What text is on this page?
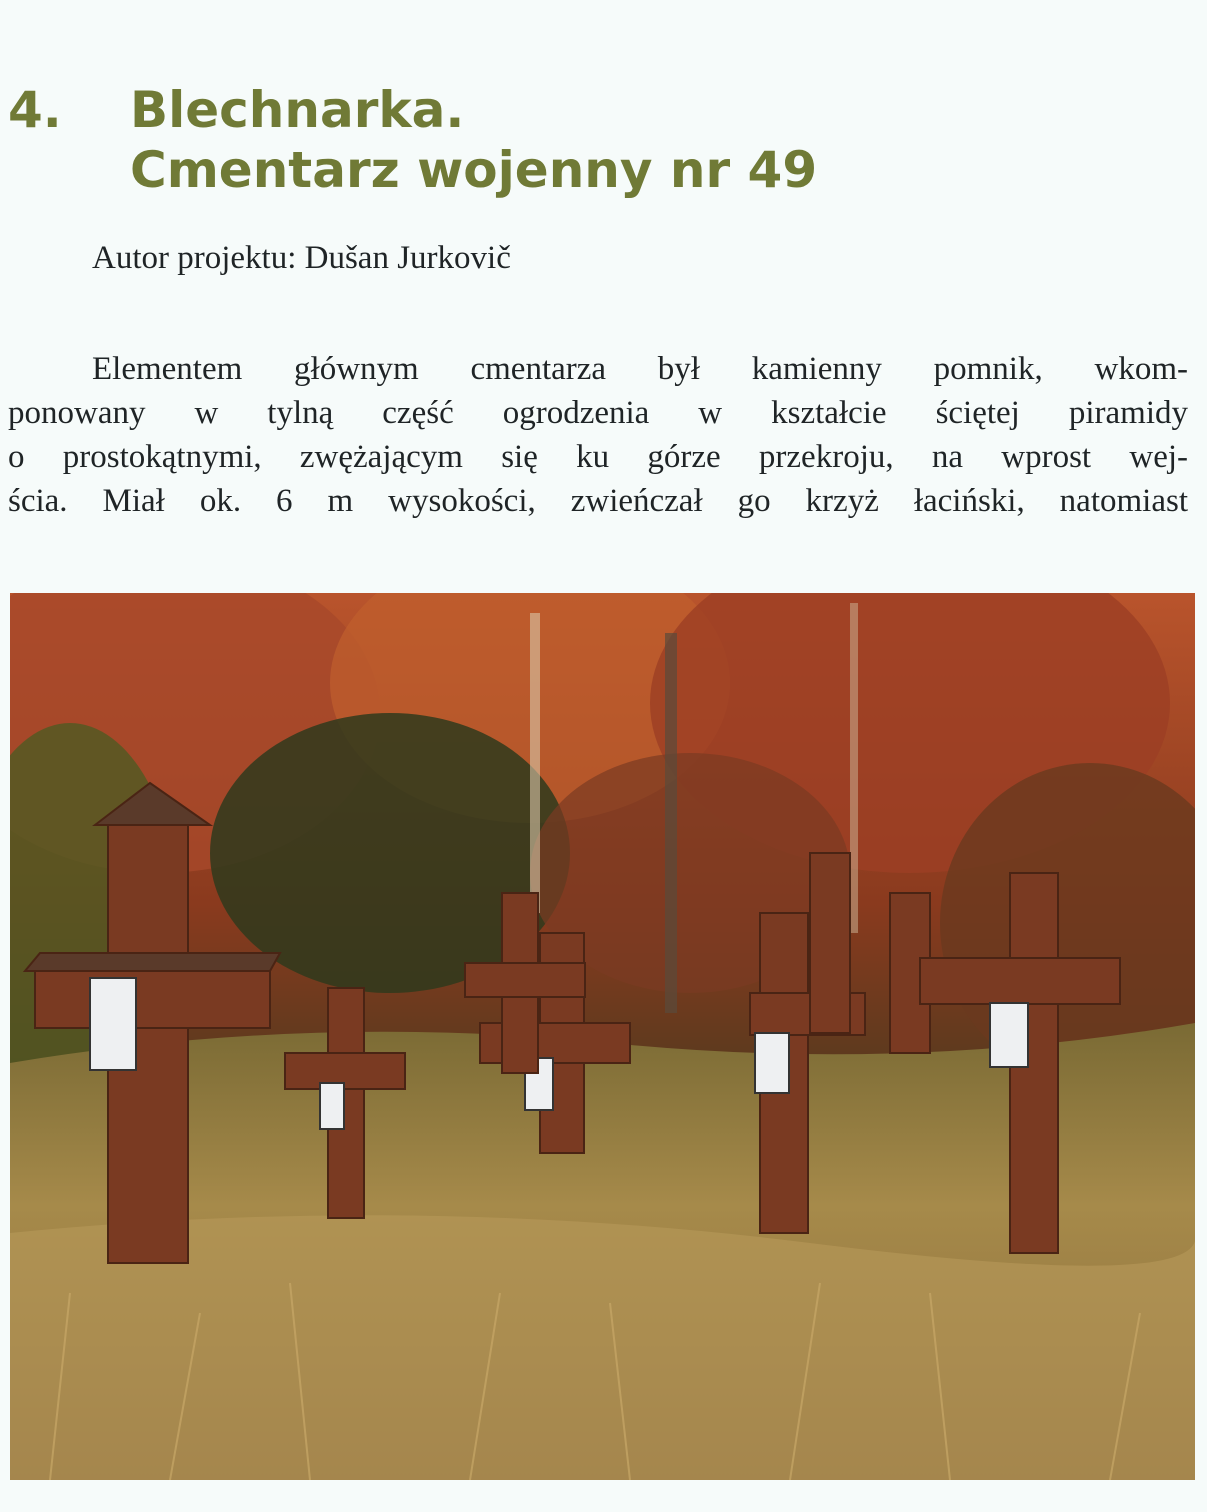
4.	Blechnarka.
Cmentarz wojenny nr 49
Autor projektu: Dušan Jurkovič
Elementem głównym cmentarza był kamienny pomnik, wkom-
ponowany w tylną część ogrodzenia w kształcie ściętej piramidy
o prostokątnymi, zwężającym się ku górze przekroju, na wprost wej-
ścia. Miał ok. 6 m wysokości, zwieńczał go krzyż łaciński, natomiast
